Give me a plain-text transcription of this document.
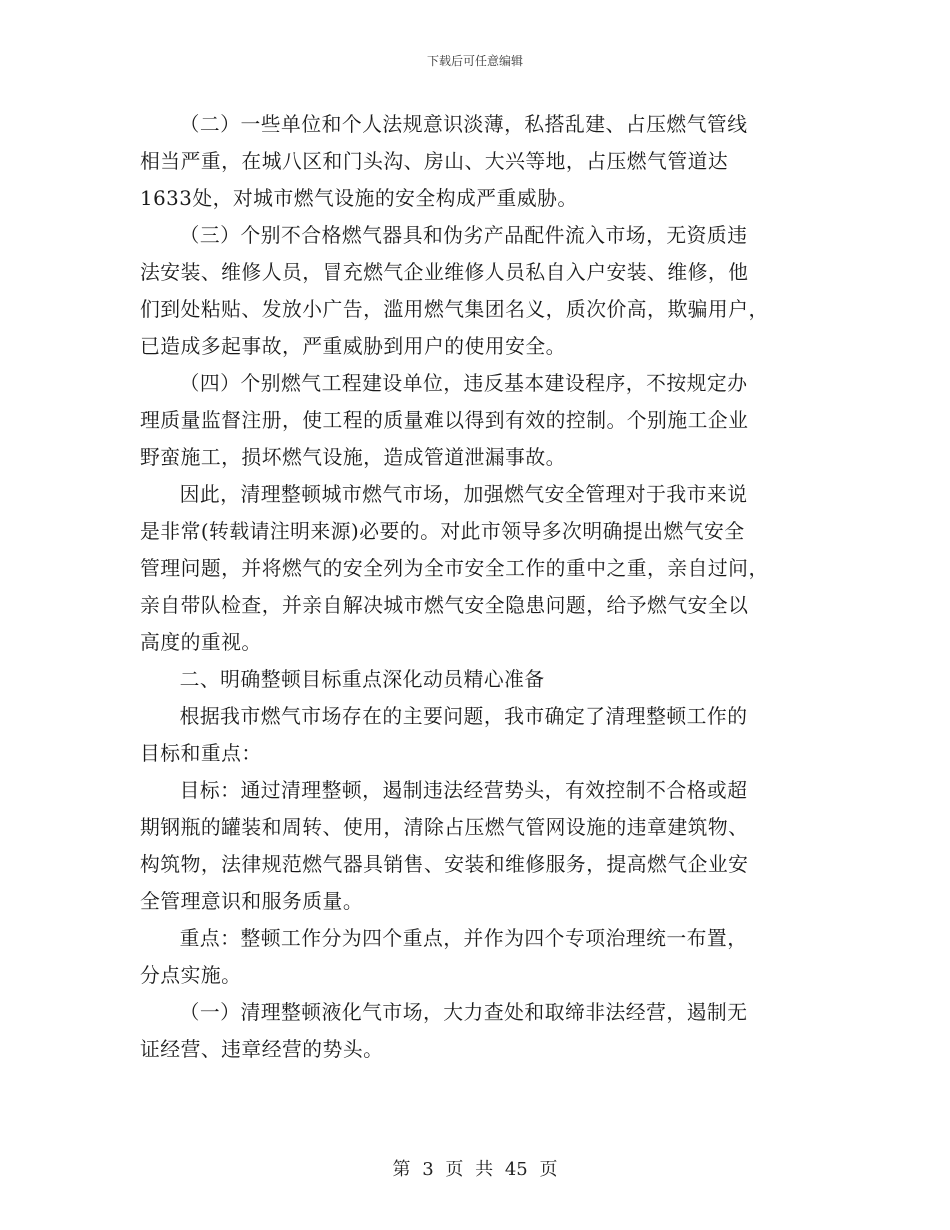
下载后可任意编辑

（二）一些单位和个人法规意识淡薄，私搭乱建、占压燃气管线
相当严重，在城八区和门头沟、房山、大兴等地，占压燃气管道达
1633处，对城市燃气设施的安全构成严重威胁。

（三）个别不合格燃气器具和伪劣产品配件流入市场，无资质违
法安装、维修人员，冒充燃气企业维修人员私自入户安装、维修，他
们到处粘贴、发放小广告，滥用燃气集团名义，质次价高，欺骗用户，
已造成多起事故，严重威胁到用户的使用安全。

（四）个别燃气工程建设单位，违反基本建设程序，不按规定办
理质量监督注册，使工程的质量难以得到有效的控制。个别施工企业
野蛮施工，损坏燃气设施，造成管道泄漏事故。

因此，清理整顿城市燃气市场，加强燃气安全管理对于我市来说
是非常(转载请注明来源)必要的。对此市领导多次明确提出燃气安全
管理问题，并将燃气的安全列为全市安全工作的重中之重，亲自过问，
亲自带队检查，并亲自解决城市燃气安全隐患问题，给予燃气安全以
高度的重视。

二、明确整顿目标重点深化动员精心准备

根据我市燃气市场存在的主要问题，我市确定了清理整顿工作的
目标和重点：

目标：通过清理整顿，遏制违法经营势头，有效控制不合格或超
期钢瓶的罐装和周转、使用，清除占压燃气管网设施的违章建筑物、
构筑物，法律规范燃气器具销售、安装和维修服务，提高燃气企业安
全管理意识和服务质量。

重点：整顿工作分为四个重点，并作为四个专项治理统一布置，
分点实施。

（一）清理整顿液化气市场，大力查处和取缔非法经营，遏制无
证经营、违章经营的势头。

第 3 页 共 45 页
